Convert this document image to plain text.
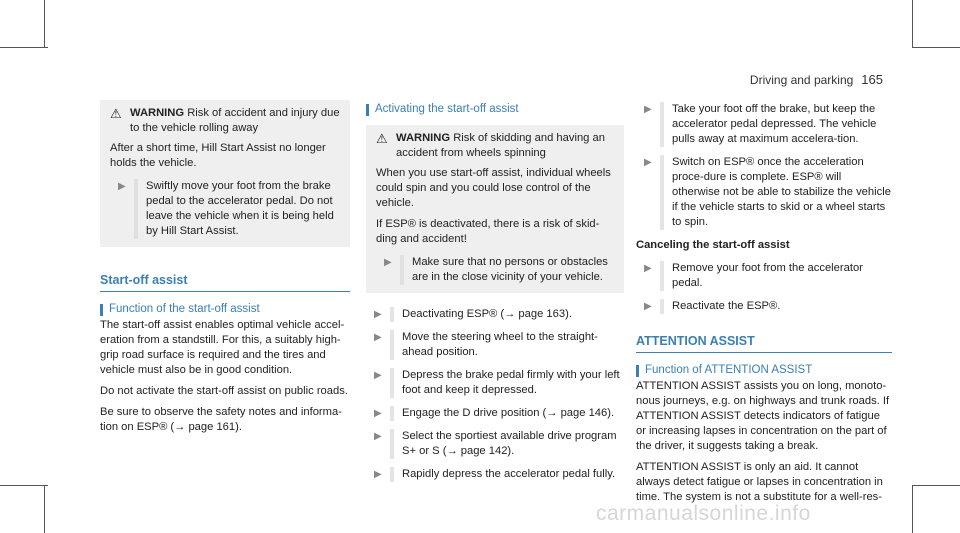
Driving and parking 165
⚠ WARNING Risk of accident and injury due to the vehicle rolling away

After a short time, Hill Start Assist no longer holds the vehicle.

▶	Swiftly move your foot from the brake pedal to the accelerator pedal. Do not leave the vehicle when it is being held by Hill Start Assist.
Start-off assist
Function of the start-off assist

The start-off assist enables optimal vehicle accel-eration from a standstill. For this, a suitably high-grip road surface is required and the tires and vehicle must also be in good condition.

Do not activate the start-off assist on public roads.

Be sure to observe the safety notes and informa-tion on ESP® (→ page 161).

Activating the start-off assist
⚠ WARNING Risk of skidding and having an accident from wheels spinning

When you use start-off assist, individual wheels could spin and you could lose control of the vehicle.

If ESP® is deactivated, there is a risk of skid-ding and accident!

▶	Make sure that no persons or obstacles are in the close vicinity of your vehicle.
▶	Deactivating ESP® (→ page 163).
▶	Move the steering wheel to the straight-ahead position.
▶	Depress the brake pedal firmly with your left foot and keep it depressed.
▶	Engage the D drive position (→ page 146).
▶	Select the sportiest available drive program S+ or S (→ page 142).
▶	Rapidly depress the accelerator pedal fully.
▶	Take your foot off the brake, but keep the accelerator pedal depressed. The vehicle pulls away at maximum accelera-tion.
▶	Switch on ESP® once the acceleration proce-dure is complete. ESP® will otherwise not be able to stabilize the vehicle if the vehicle starts to skid or a wheel starts to spin.
Canceling the start-off assist
▶	Remove your foot from the accelerator pedal.
▶	Reactivate the ESP®.
ATTENTION ASSIST
Function of ATTENTION ASSIST

ATTENTION ASSIST assists you on long, monoto-nous journeys, e.g. on highways and trunk roads. If ATTENTION ASSIST detects indicators of fatigue or increasing lapses in concentration on the part of the driver, it suggests taking a break.

ATTENTION ASSIST is only an aid. It cannot always detect fatigue or lapses in concentration in time. The system is not a substitute for a well-res-

carmanualsonline.info
